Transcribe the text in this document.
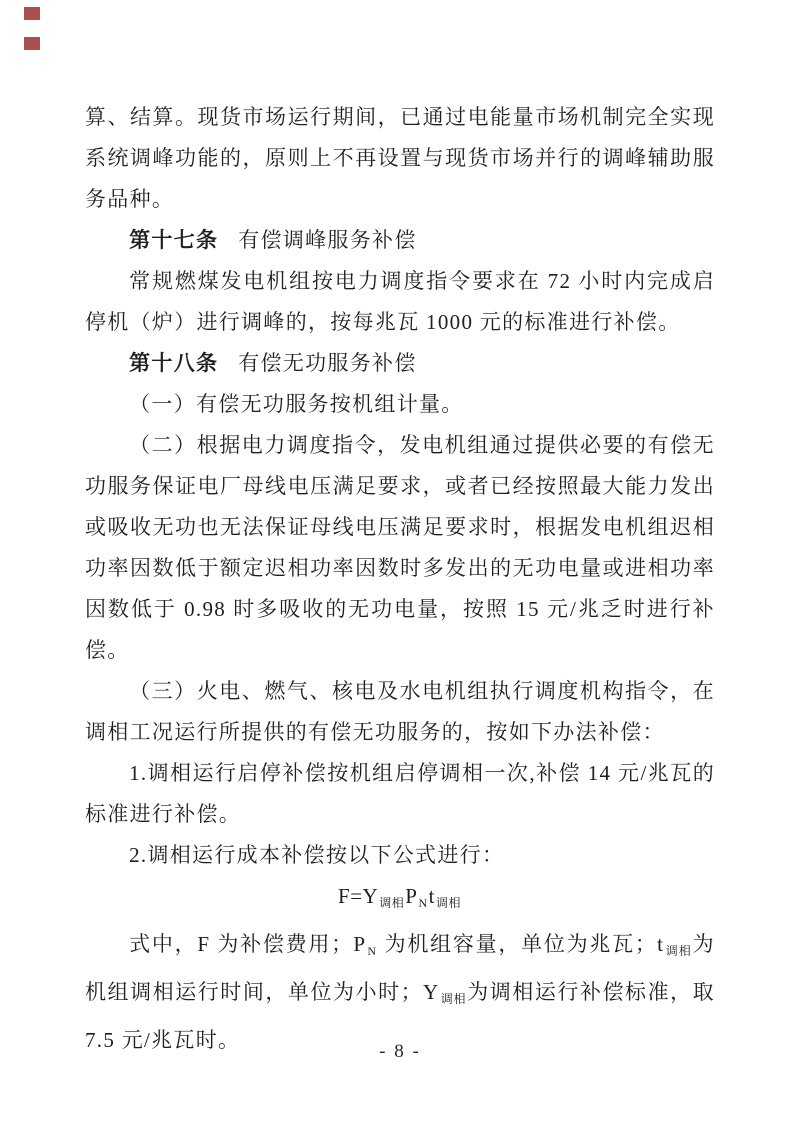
算、结算。现货市场运行期间，已通过电能量市场机制完全实现系统调峰功能的，原则上不再设置与现货市场并行的调峰辅助服务品种。

第十七条 有偿调峰服务补偿

常规燃煤发电机组按电力调度指令要求在 72 小时内完成启停机（炉）进行调峰的，按每兆瓦 1000 元的标准进行补偿。

第十八条 有偿无功服务补偿

（一）有偿无功服务按机组计量。

（二）根据电力调度指令，发电机组通过提供必要的有偿无功服务保证电厂母线电压满足要求，或者已经按照最大能力发出或吸收无功也无法保证母线电压满足要求时，根据发电机组迟相功率因数低于额定迟相功率因数时多发出的无功电量或进相功率因数低于 0.98 时多吸收的无功电量，按照 15 元/兆乏时进行补偿。

（三）火电、燃气、核电及水电机组执行调度机构指令，在调相工况运行所提供的有偿无功服务的，按如下办法补偿：

1.调相运行启停补偿按机组启停调相一次,补偿 14 元/兆瓦的标准进行补偿。

2.调相运行成本补偿按以下公式进行：

$F=Y_{调相}P_Nt_{调相}$

式中，F 为补偿费用；$P_N$ 为机组容量，单位为兆瓦；$t_{调相}$为机组调相运行时间，单位为小时；$Y_{调相}$为调相运行补偿标准，取 7.5 元/兆瓦时。	- 8 -
